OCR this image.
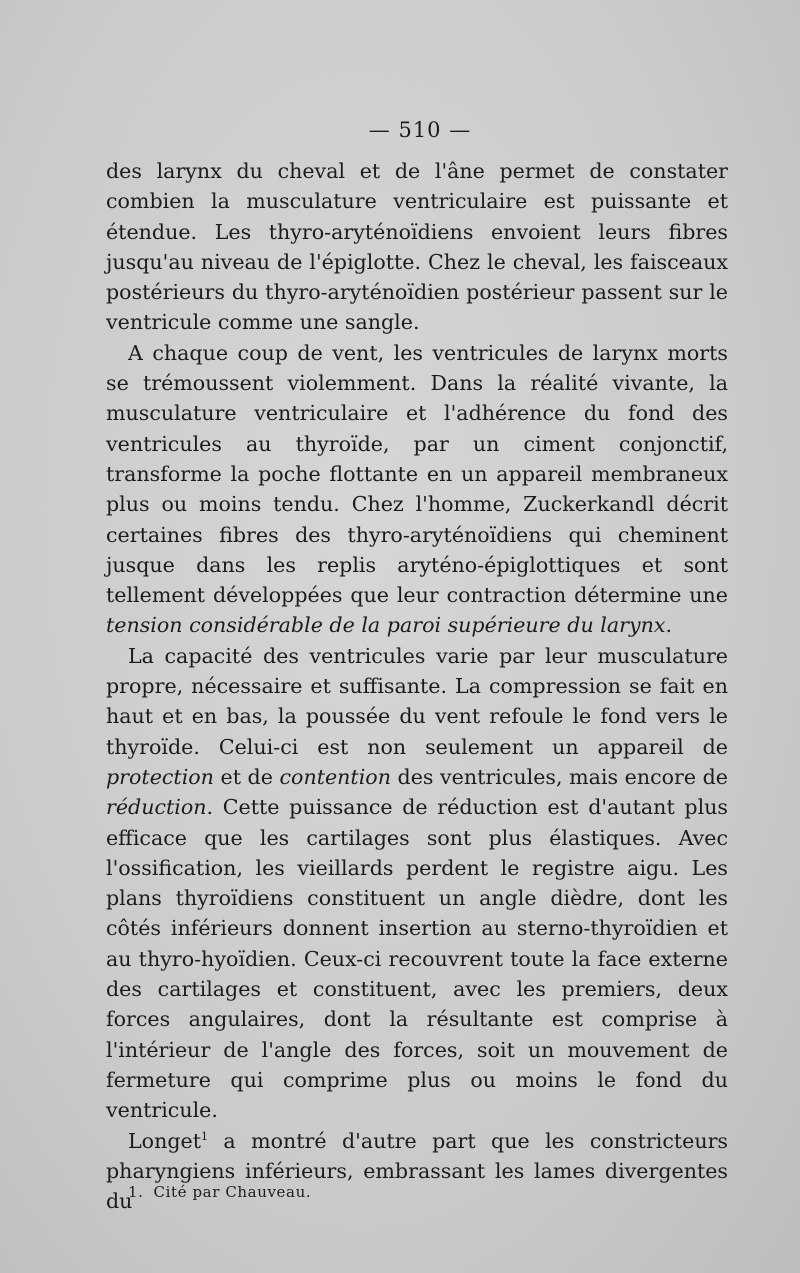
— 510 —

des larynx du cheval et de l'âne permet de constater combien la musculature ventriculaire est puissante et étendue. Les thyro-aryténoïdiens envoient leurs fibres jusqu'au niveau de l'épiglotte. Chez le cheval, les faisceaux postérieurs du thyro-aryténoïdien postérieur passent sur le ventricule comme une sangle.

A chaque coup de vent, les ventricules de larynx morts se trémoussent violemment. Dans la réalité vivante, la musculature ventriculaire et l'adhérence du fond des ventricules au thyroïde, par un ciment conjonctif, transforme la poche flottante en un appareil membraneux plus ou moins tendu. Chez l'homme, Zuckerkandl décrit certaines fibres des thyro-aryténoïdiens qui cheminent jusque dans les replis aryténo-épiglottiques et sont tellement développées que leur contraction détermine une tension considérable de la paroi supérieure du larynx.

La capacité des ventricules varie par leur musculature propre, nécessaire et suffisante. La compression se fait en haut et en bas, la poussée du vent refoule le fond vers le thyroïde. Celui-ci est non seulement un appareil de protection et de contention des ventricules, mais encore de réduction. Cette puissance de réduction est d'autant plus efficace que les cartilages sont plus élastiques. Avec l'ossification, les vieillards perdent le registre aigu. Les plans thyroïdiens constituent un angle dièdre, dont les côtés inférieurs donnent insertion au sterno-thyroïdien et au thyro-hyoïdien. Ceux-ci recouvrent toute la face externe des cartilages et constituent, avec les premiers, deux forces angulaires, dont la résultante est comprise à l'intérieur de l'angle des forces, soit un mouvement de fermeture qui comprime plus ou moins le fond du ventricule.

Longet$^1$ a montré d'autre part que les constricteurs pharyngiens inférieurs, embrassant les lames divergentes du

1. Cité par Chauveau.
